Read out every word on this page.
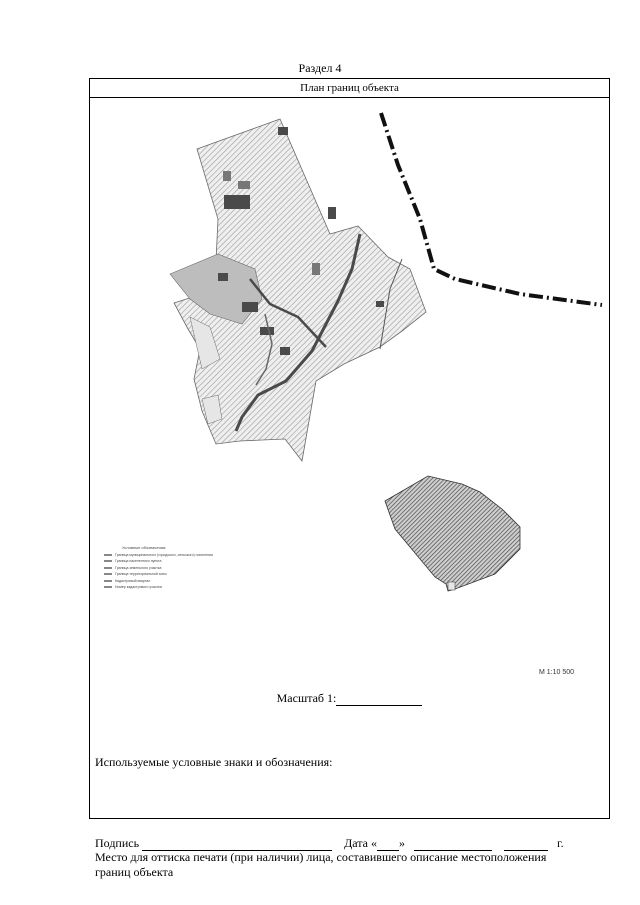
Раздел 4
План границ объекта
Условные обозначения:
Граница муниципального (городского, сельского) поселения
Граница населенного пункта
Граница земельного участка
Граница территориальной зоны
Кадастровый квартал
Номер кадастрового участка
М 1:10 500
Масштаб 1:
Используемые условные знаки и обозначения:
Подпись	Дата « »	г.
Место для оттиска печати (при наличии) лица, составившего описание местоположения границ объекта
